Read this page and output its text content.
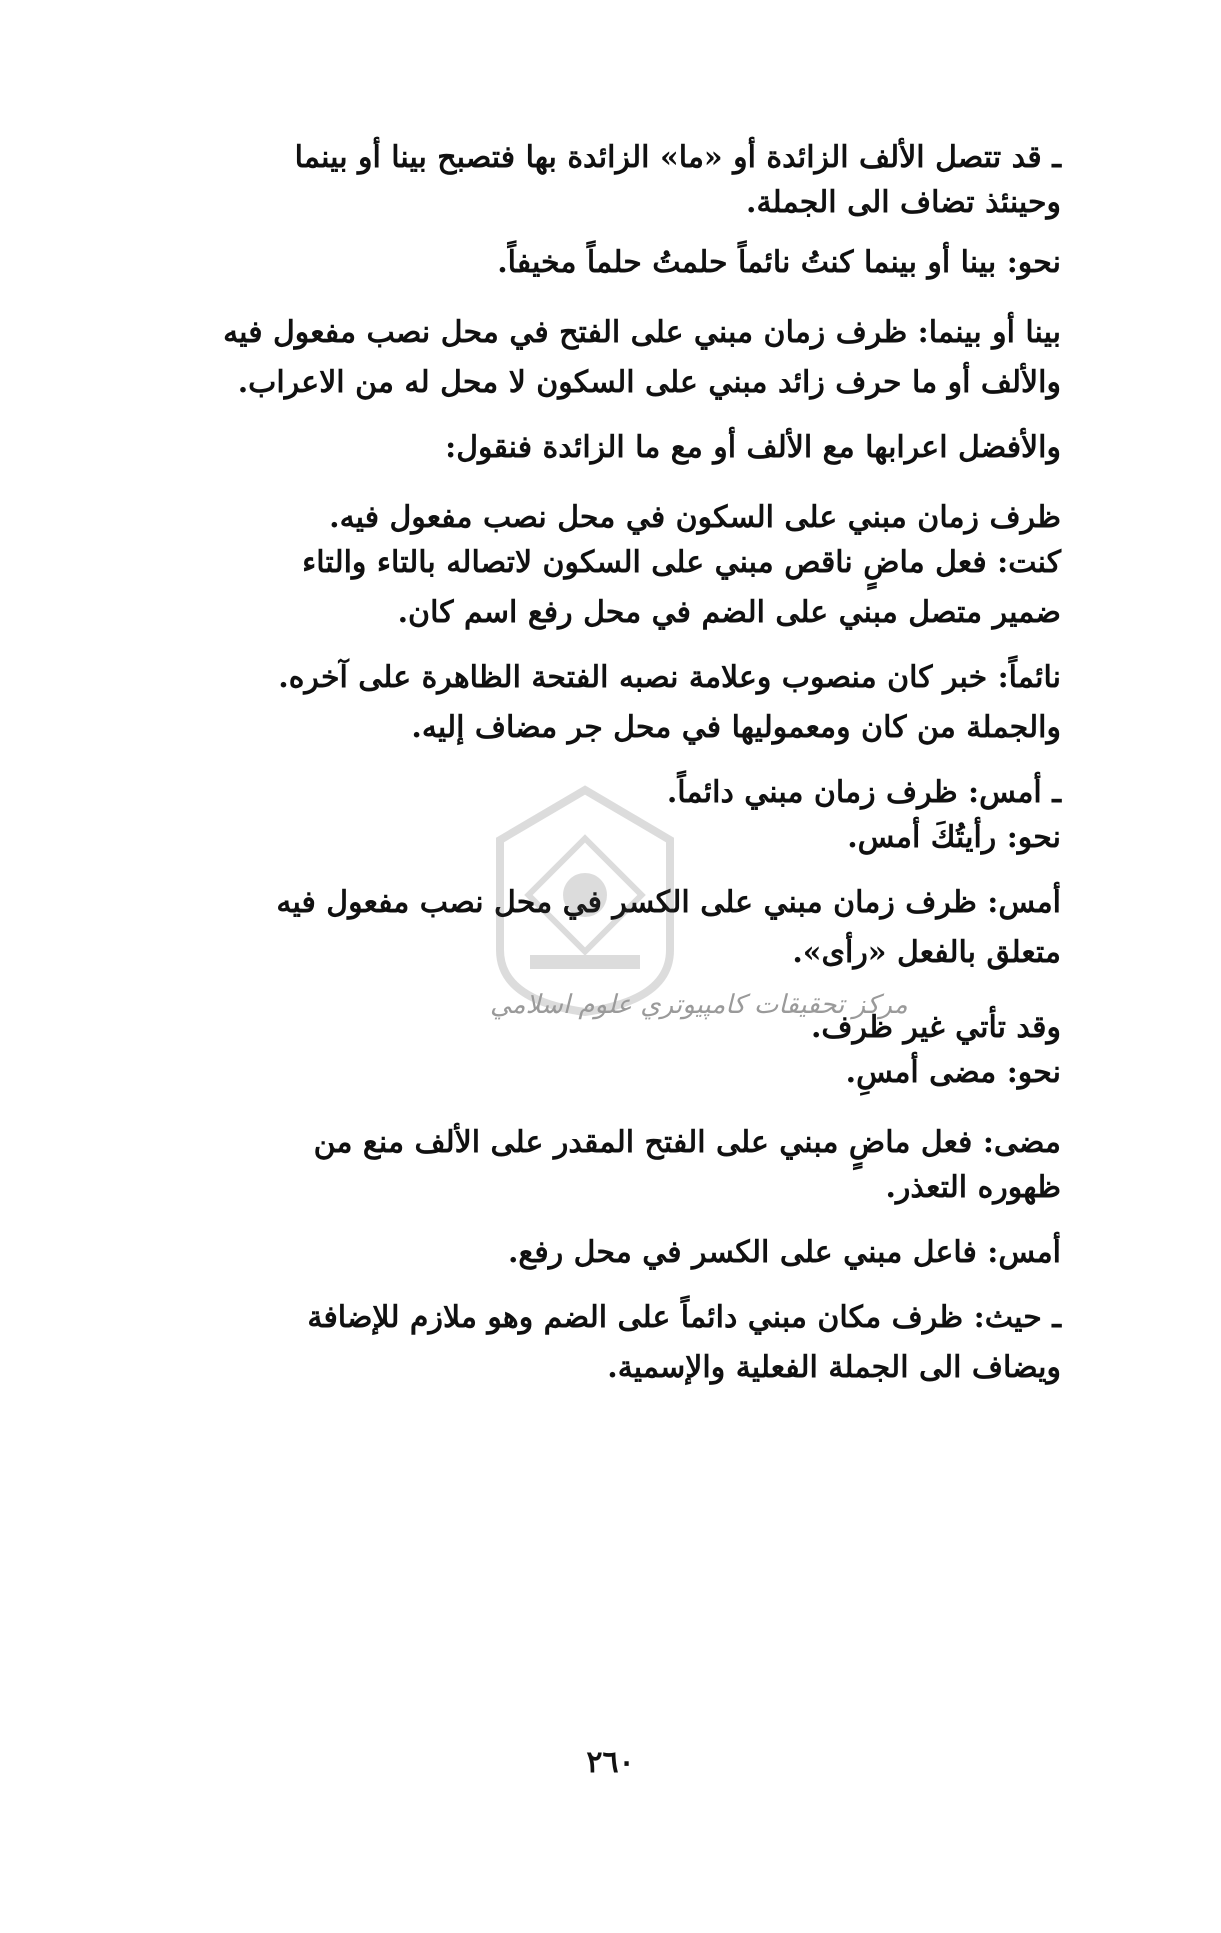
ـ قد تتصل الألف الزائدة أو «ما» الزائدة بها فتصبح بينا أو بينما
وحينئذ تضاف الى الجملة.
نحو: بينا أو بينما كنتُ نائماً حلمتُ حلماً مخيفاً.
بينا أو بينما: ظرف زمان مبني على الفتح في محل نصب مفعول فيه
والألف أو ما حرف زائد مبني على السكون لا محل له من الاعراب.
والأفضل اعرابها مع الألف أو مع ما الزائدة فنقول:
ظرف زمان مبني على السكون في محل نصب مفعول فيه.
كنت: فعل ماضٍ ناقص مبني على السكون لاتصاله بالتاء والتاء
ضمير متصل مبني على الضم في محل رفع اسم كان.
نائماً: خبر كان منصوب وعلامة نصبه الفتحة الظاهرة على آخره.
والجملة من كان ومعموليها في محل جر مضاف إليه.
ـ أمس: ظرف زمان مبني دائماً.
نحو: رأيتُكَ أمس.
أمس: ظرف زمان مبني على الكسر في محل نصب مفعول فيه
متعلق بالفعل «رأى».
وقد تأتي غير ظرف.
نحو: مضى أمسِ.
مضى: فعل ماضٍ مبني على الفتح المقدر على الألف منع من
ظهوره التعذر.
أمس: فاعل مبني على الكسر في محل رفع.
ـ حيث: ظرف مكان مبني دائماً على الضم وهو ملازم للإضافة
ويضاف الى الجملة الفعلية والإسمية.
٢٦٠
مركز تحقيقات كامپيوتري علوم اسلامي
